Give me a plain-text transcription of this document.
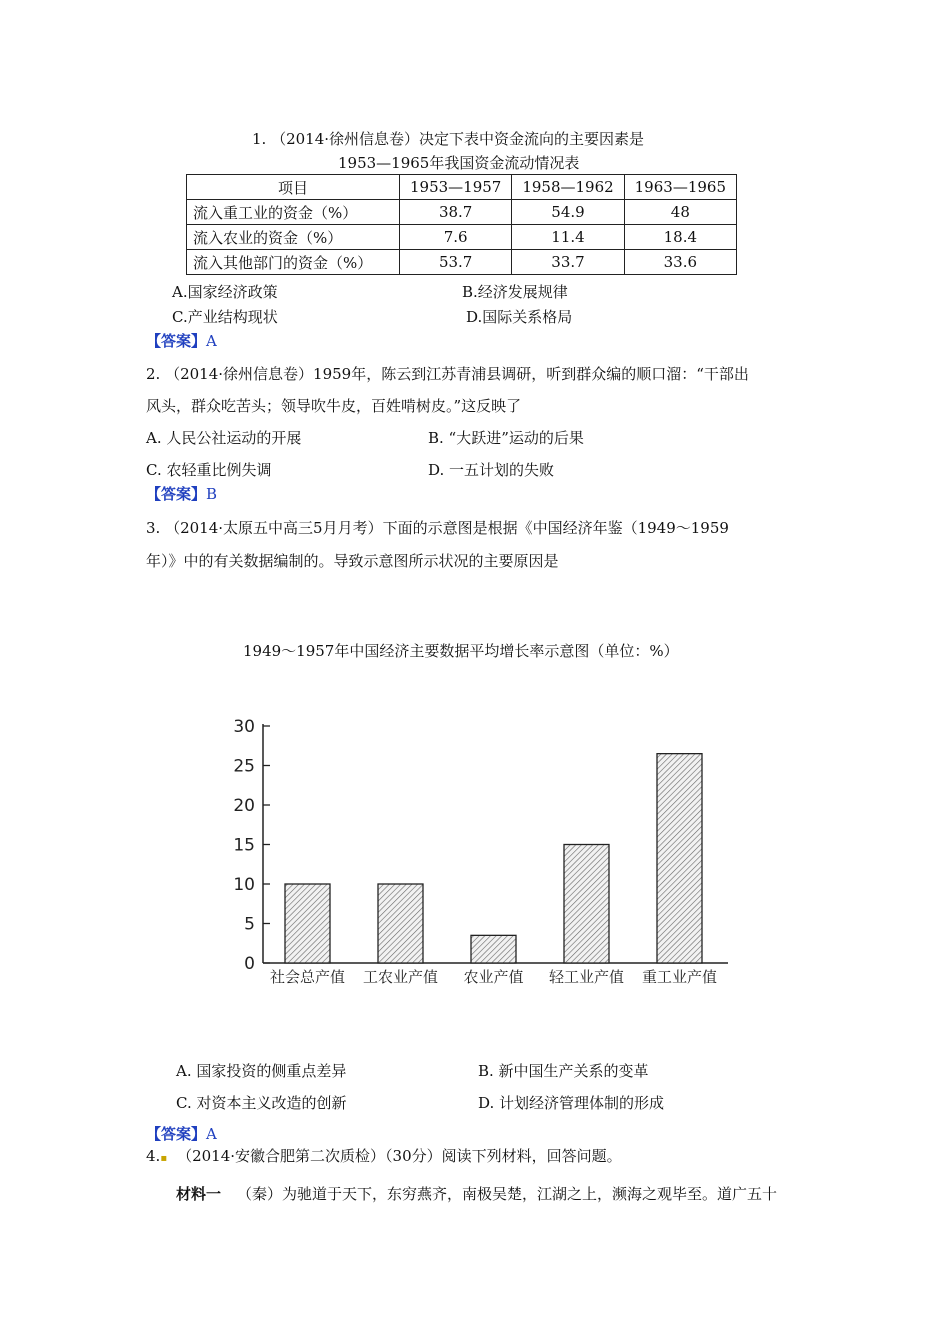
1. （2014·徐州信息卷）决定下表中资金流向的主要因素是
1953—1965年我国资金流动情况表
项目	1953—1957	1958—1962	1963—1965
流入重工业的资金（%）	38.7	54.9	48
流入农业的资金（%）	7.6	11.4	18.4
流入其他部门的资金（%）	53.7	33.7	33.6
A.国家经济政策	B.经济发展规律
C.产业结构现状	D.国际关系格局
【答案】A
2. （2014·徐州信息卷）1959年，陈云到江苏青浦县调研，听到群众编的顺口溜：“干部出
风头，群众吃苦头；领导吹牛皮，百姓啃树皮。”这反映了
A. 人民公社运动的开展	B. “大跃进”运动的后果
C. 农轻重比例失调	D. 一五计划的失败
【答案】B
3. （2014·太原五中高三5月月考）下面的示意图是根据《中国经济年鉴（1949～1959
年）》中的有关数据编制的。导致示意图所示状况的主要原因是
1949～1957年中国经济主要数据平均增长率示意图（单位：%）
0
5
10
15
20
25
30
社会总产值 工农业产值 农业产值 轻工业产值 重工业产值
A. 国家投资的侧重点差异	B. 新中国生产关系的变革
C. 对资本主义改造的创新	D. 计划经济管理体制的形成
【答案】A
4.▪ （2014·安徽合肥第二次质检）（30分）阅读下列材料，回答问题。
材料一 （秦）为驰道于天下，东穷燕齐，南极吴楚，江湖之上，濒海之观毕至。道广五十
